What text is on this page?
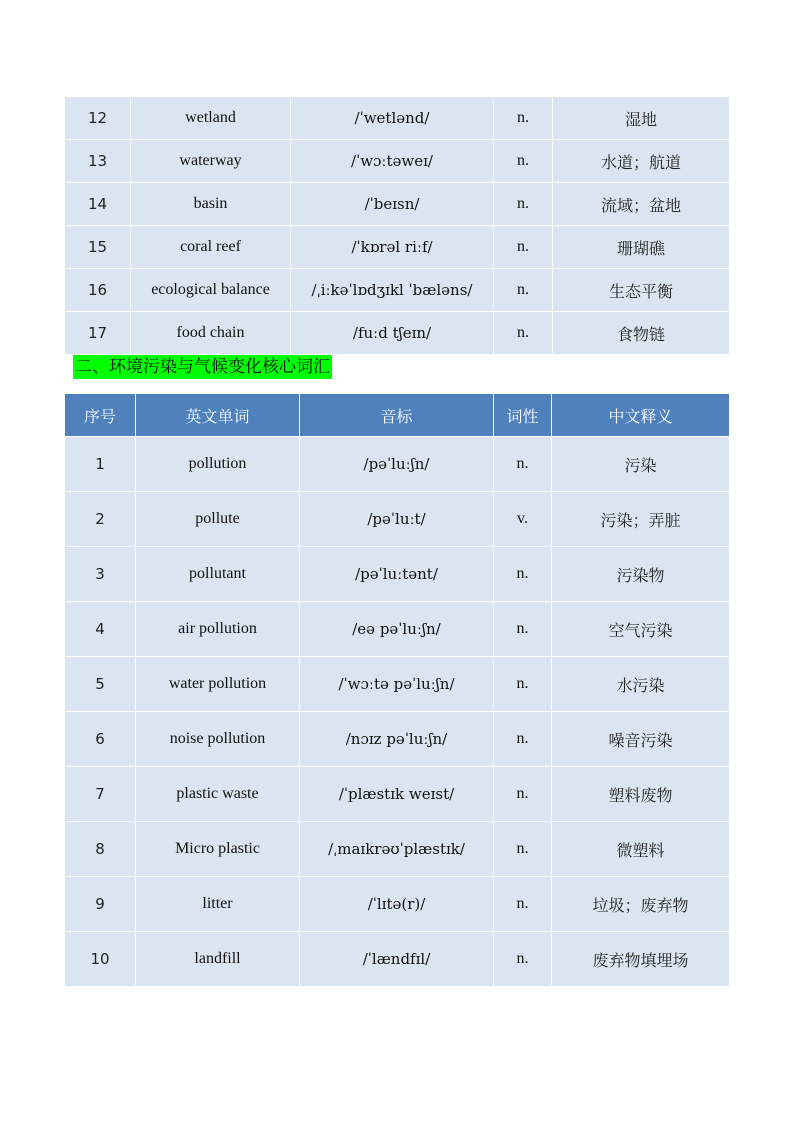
12	wetland	/ˈwetlənd/	n.	湿地
13	waterway	/ˈwɔːtəweɪ/	n.	水道；航道
14	basin	/ˈbeɪsn/	n.	流域；盆地
15	coral reef	/ˈkɒrəl riːf/	n.	珊瑚礁
16	ecological balance	/ˌiːkəˈlɒdʒɪkl ˈbæləns/	n.	生态平衡
17	food chain	/fuːd tʃeɪn/	n.	食物链
二、环境污染与气候变化核心词汇
序号	英文单词	音标	词性	中文释义
1	pollution	/pəˈluːʃn/	n.	污染
2	pollute	/pəˈluːt/	v.	污染；弄脏
3	pollutant	/pəˈluːtənt/	n.	污染物
4	air pollution	/eə pəˈluːʃn/	n.	空气污染
5	water pollution	/ˈwɔːtə pəˈluːʃn/	n.	水污染
6	noise pollution	/nɔɪz pəˈluːʃn/	n.	噪音污染
7	plastic waste	/ˈplæstɪk weɪst/	n.	塑料废物
8	Micro plastic	/ˌmaɪkrəʊˈplæstɪk/	n.	微塑料
9	litter	/ˈlɪtə(r)/	n.	垃圾；废弃物
10	landfill	/ˈlændfɪl/	n.	废弃物填埋场
